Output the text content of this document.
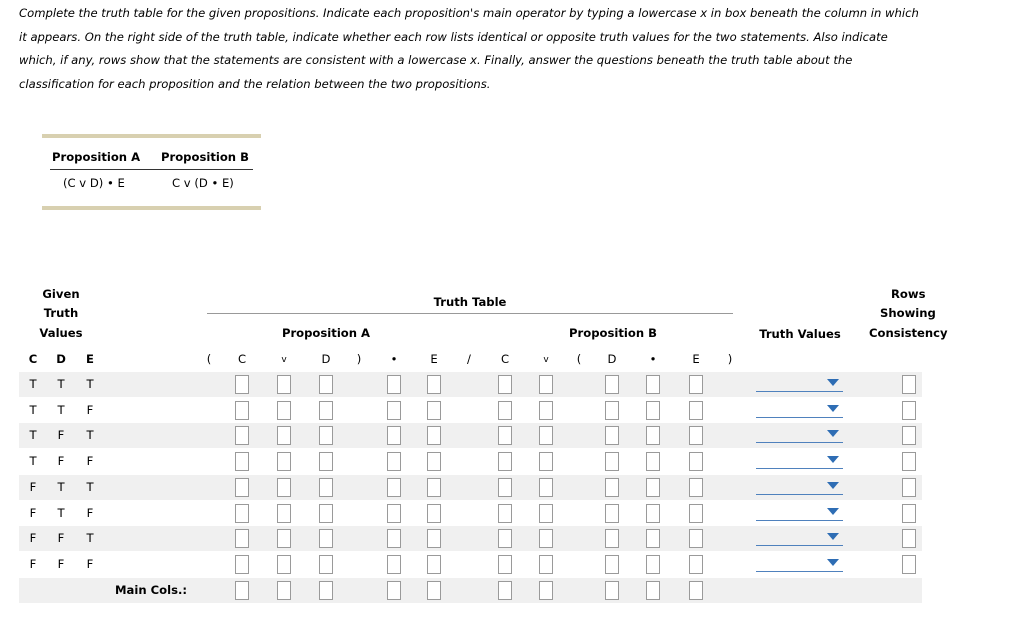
Complete the truth table for the given propositions. Indicate each proposition's main operator by typing a lowercase x in box beneath the column in which it appears. On the right side of the truth table, indicate whether each row lists identical or opposite truth values for the two statements. Also indicate which, if any, rows show that the statements are consistent with a lowercase x. Finally, answer the questions beneath the truth table about the classification for each proposition and the relation between the two propositions.
Proposition A Proposition B
(C v D) • E	C v (D • E)
Given
Truth
Values
Truth Table
Proposition A	Proposition B	Truth Values
Rows
Showing
Consistency
C	D	E	(	C	v	D	)	•	E	/	C	v	(	D	•	E	)
T	T	T
T	T	F
T	F	T
T	F	F
F	T	T
F	T	F
F	F	T
F	F	F
Main Cols.:
